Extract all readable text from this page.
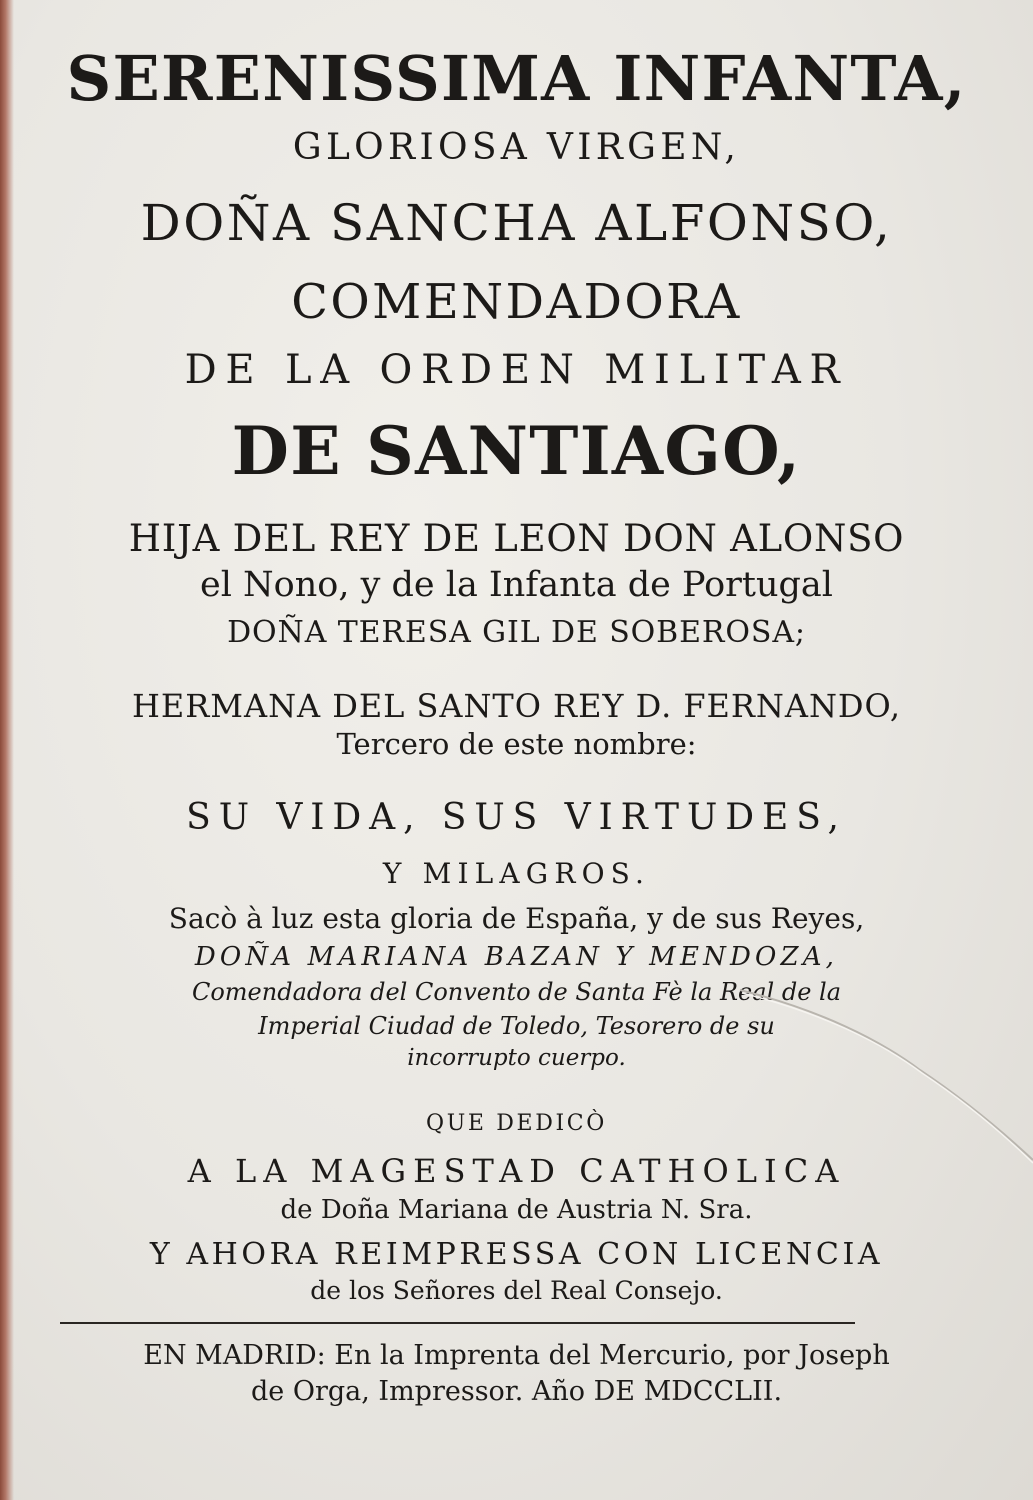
SERENISSIMA INFANTA,
GLORIOSA VIRGEN,
DOÑA SANCHA ALFONSO,
COMENDADORA
DE LA ORDEN MILITAR
DE SANTIAGO,
HIJA DEL REY DE LEON DON ALONSO
el Nono, y de la Infanta de Portugal
DOÑA TERESA GIL DE SOBEROSA;
HERMANA DEL SANTO REY D. FERNANDO,
Tercero de este nombre:
SU VIDA, SUS VIRTUDES,
Y MILAGROS.
Sacò à luz esta gloria de España, y de sus Reyes,
DOÑA MARIANA BAZAN Y MENDOZA,
Comendadora del Convento de Santa Fè la Real de la
Imperial Ciudad de Toledo, Tesorero de su
incorrupto cuerpo.
QUE DEDICÒ
A LA MAGESTAD CATHOLICA
de Doña Mariana de Austria N. Sra.
Y AHORA REIMPRESSA CON LICENCIA
de los Señores del Real Consejo.
EN MADRID: En la Imprenta del Mercurio, por Joseph
de Orga, Impressor. Año DE MDCCLII.
